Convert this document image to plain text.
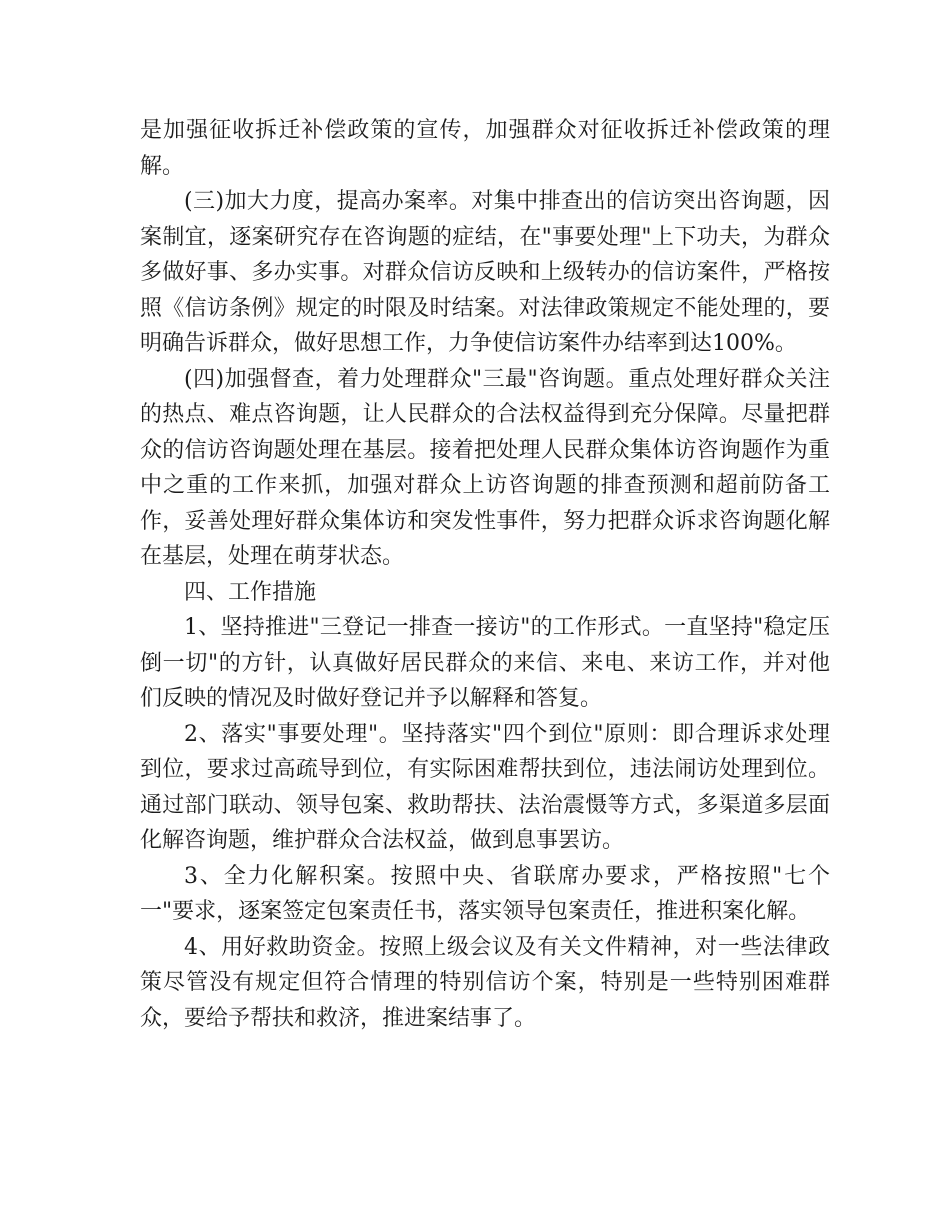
是加强征收拆迁补偿政策的宣传，加强群众对征收拆迁补偿政策的理解。

(三)加大力度，提高办案率。对集中排查出的信访突出咨询题，因案制宜，逐案研究存在咨询题的症结，在"事要处理"上下功夫，为群众多做好事、多办实事。对群众信访反映和上级转办的信访案件，严格按照《信访条例》规定的时限及时结案。对法律政策规定不能处理的，要明确告诉群众，做好思想工作，力争使信访案件办结率到达100%。

(四)加强督查，着力处理群众"三最"咨询题。重点处理好群众关注的热点、难点咨询题，让人民群众的合法权益得到充分保障。尽量把群众的信访咨询题处理在基层。接着把处理人民群众集体访咨询题作为重中之重的工作来抓，加强对群众上访咨询题的排查预测和超前防备工作，妥善处理好群众集体访和突发性事件，努力把群众诉求咨询题化解在基层，处理在萌芽状态。

四、工作措施

1、坚持推进"三登记一排查一接访"的工作形式。一直坚持"稳定压倒一切"的方针，认真做好居民群众的来信、来电、来访工作，并对他们反映的情况及时做好登记并予以解释和答复。

2、落实"事要处理"。坚持落实"四个到位"原则：即合理诉求处理到位，要求过高疏导到位，有实际困难帮扶到位，违法闹访处理到位。通过部门联动、领导包案、救助帮扶、法治震慑等方式，多渠道多层面化解咨询题，维护群众合法权益，做到息事罢访。

3、全力化解积案。按照中央、省联席办要求，严格按照"七个一"要求，逐案签定包案责任书，落实领导包案责任，推进积案化解。

4、用好救助资金。按照上级会议及有关文件精神，对一些法律政策尽管没有规定但符合情理的特别信访个案，特别是一些特别困难群众，要给予帮扶和救济，推进案结事了。
